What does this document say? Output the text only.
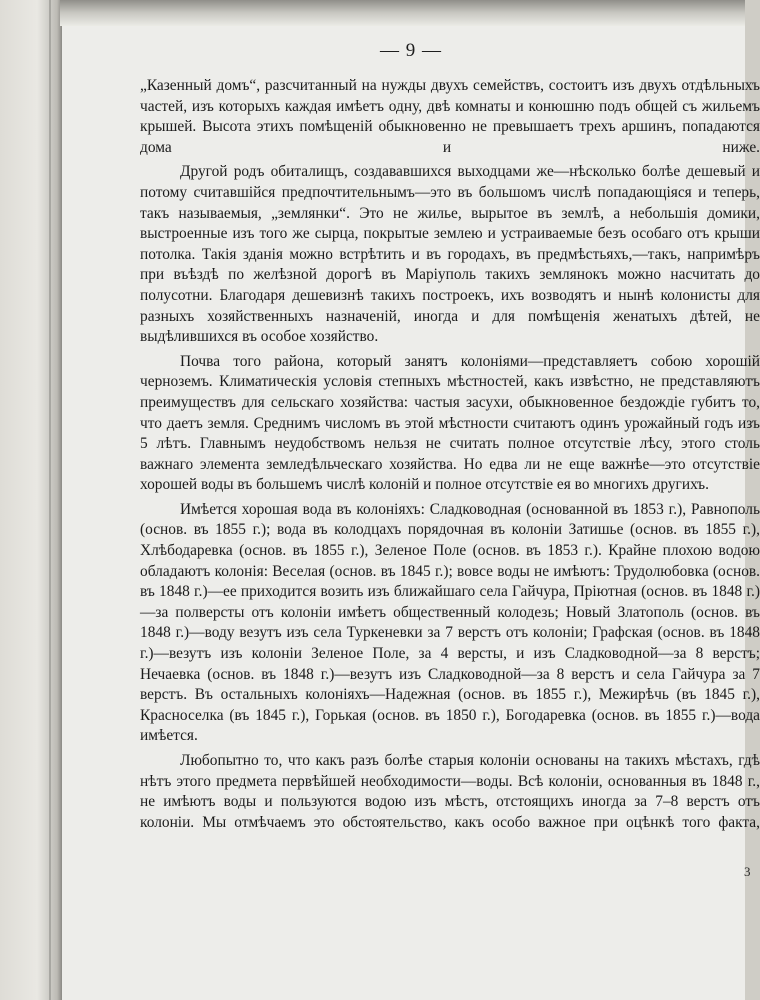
— 9 —

„Казенный домъ“, разсчитанный на нужды двухъ семействъ, состоитъ изъ двухъ отдѣльныхъ частей, изъ которыхъ каждая имѣетъ одну, двѣ комнаты и конюшню подъ общей съ жильемъ крышей. Высота этихъ помѣщеній обыкновенно не превышаетъ трехъ аршинъ, попадаются дома и ниже.

Другой родъ обиталищъ, создававшихся выходцами же—нѣсколько болѣе дешевый и потому считавшійся предпочтительнымъ—это въ большомъ числѣ попадающіяся и теперь, такъ называемыя, „землянки“. Это не жилье, вырытое въ землѣ, а небольшія домики, выстроенные изъ того же сырца, покрытые землею и устраиваемые безъ особаго отъ крыши потолка. Такія зданія можно встрѣтить и въ городахъ, въ предмѣстьяхъ,—такъ, напримѣръ при въѣздѣ по желѣзной дорогѣ въ Маріуполь такихъ землянокъ можно насчитать до полусотни. Благодаря дешевизнѣ такихъ построекъ, ихъ возводятъ и нынѣ колонисты для разныхъ хозяйственныхъ назначеній, иногда и для помѣщенія женатыхъ дѣтей, не выдѣлившихся въ особое хозяйство.

Почва того района, который занятъ колоніями—представляетъ собою хорошій черноземъ. Климатическія условія степныхъ мѣстностей, какъ извѣстно, не представляютъ преимуществъ для сельскаго хозяйства: частыя засухи, обыкновенное бездождіе губитъ то, что даетъ земля. Среднимъ числомъ въ этой мѣстности считаютъ одинъ урожайный годъ изъ 5 лѣтъ. Главнымъ неудобствомъ нельзя не считать полное отсутствіе лѣсу, этого столь важнаго элемента земледѣльческаго хозяйства. Но едва ли не еще важнѣе—это отсутствіе хорошей воды въ большемъ числѣ колоній и полное отсутствіе ея во многихъ другихъ.

Имѣется хорошая вода въ колоніяхъ: Сладководная (основанной въ 1853 г.), Равнополь (основ. въ 1855 г.); вода въ колодцахъ порядочная въ колоніи Затишье (основ. въ 1855 г.), Хлѣбодаревка (основ. въ 1855 г.), Зеленое Поле (основ. въ 1853 г.). Крайне плохою водою обладаютъ колонія: Веселая (основ. въ 1845 г.); вовсе воды не имѣютъ: Трудолюбовка (основ. въ 1848 г.)—ее приходится возить изъ ближайшаго села Гайчура, Пріютная (основ. въ 1848 г.)—за полверсты отъ колоніи имѣетъ общественный колодезь; Новый Златополь (основ. въ 1848 г.)—воду везутъ изъ села Туркеневки за 7 верстъ отъ колоніи; Графская (основ. въ 1848 г.)—везутъ изъ колоніи Зеленое Поле, за 4 версты, и изъ Сладководной—за 8 верстъ; Нечаевка (основ. въ 1848 г.)—везутъ изъ Сладководной—за 8 верстъ и села Гайчура за 7 верстъ. Въ остальныхъ колоніяхъ—Надежная (основ. въ 1855 г.), Межирѣчь (въ 1845 г.), Красноселка (въ 1845 г.), Горькая (основ. въ 1850 г.), Богодаревка (основ. въ 1855 г.)—вода имѣется.

Любопытно то, что какъ разъ болѣе старыя колоніи основаны на такихъ мѣстахъ, гдѣ нѣтъ этого предмета первѣйшей необходимости—воды. Всѣ колоніи, основанныя въ 1848 г., не имѣютъ воды и пользуются водою изъ мѣстъ, отстоящихъ иногда за 7–8 верстъ отъ колоніи. Мы отмѣчаемъ это обстоятельство, какъ особо важное при оцѣнкѣ того факта,

3
